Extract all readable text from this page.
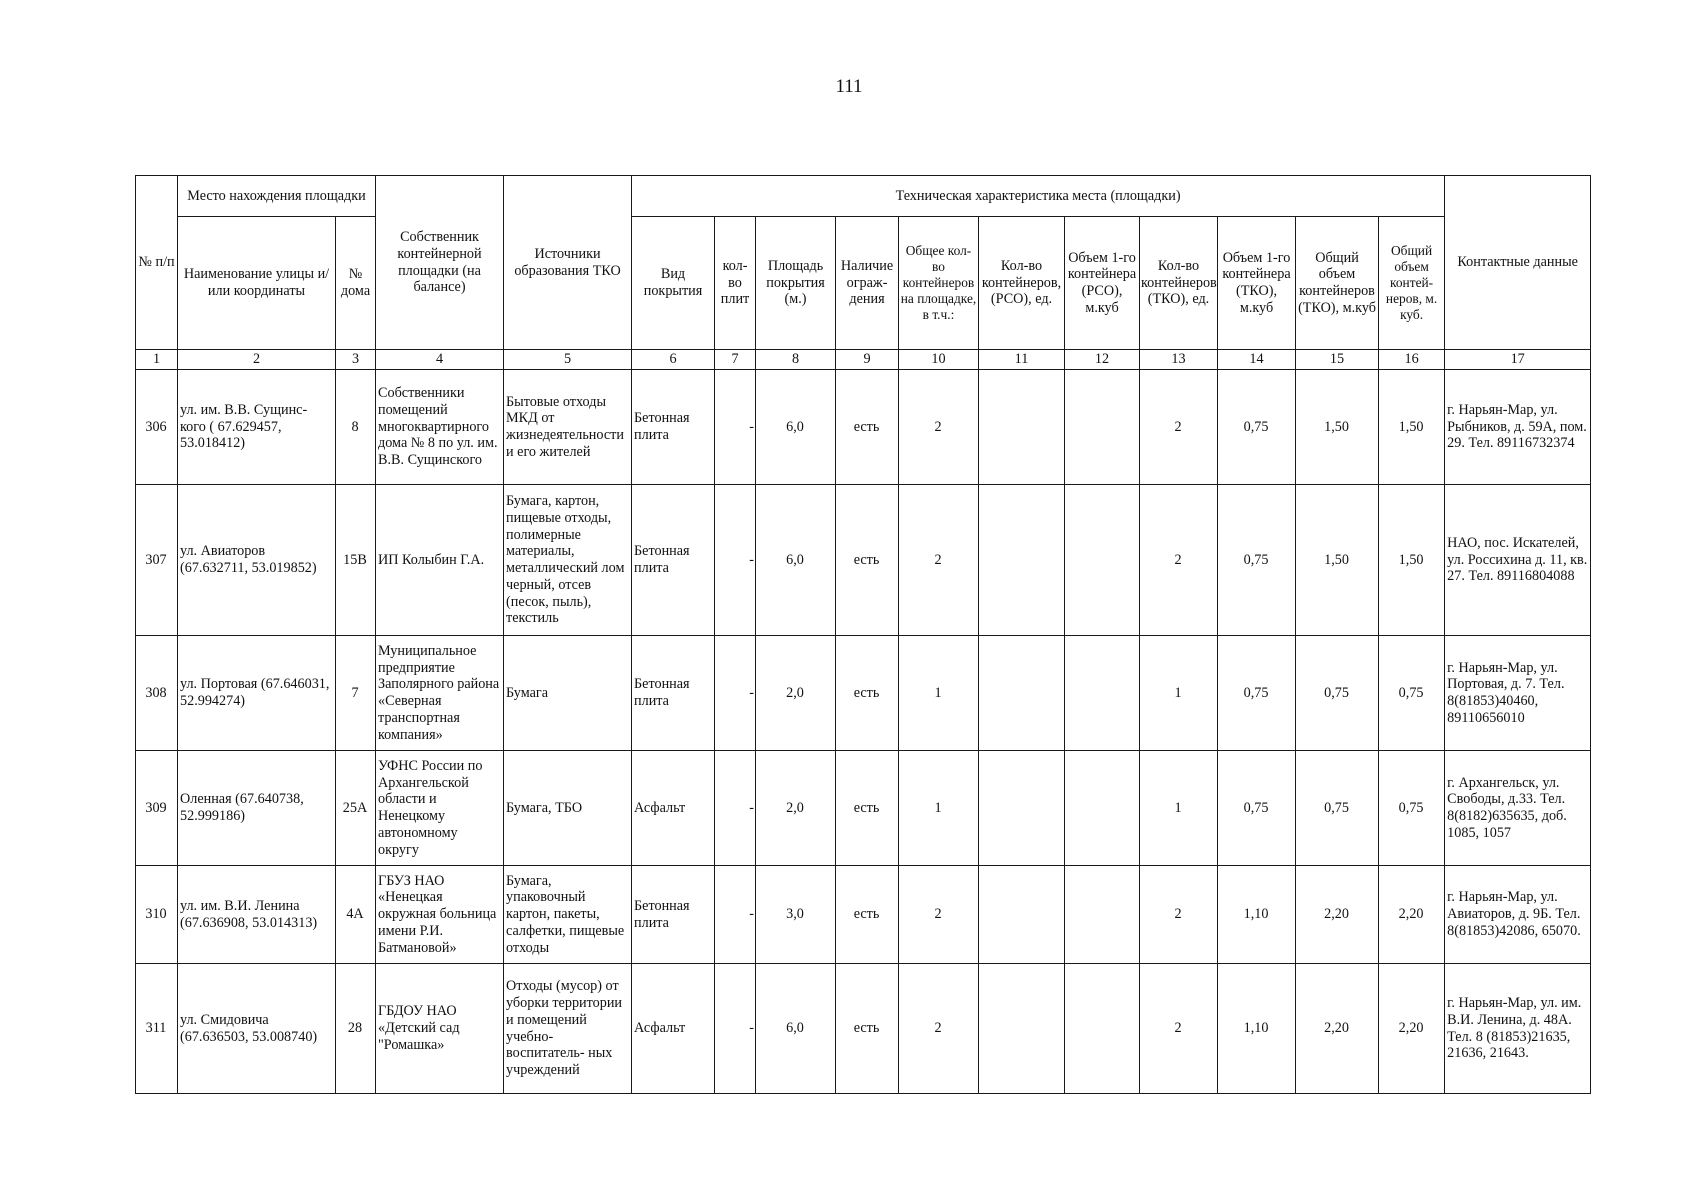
111
№ п/п	Место нахождения площадки		Собственник контейнерной площадки (на балансе)	Источники образования ТКО	Техническая характеристика места (площадки)											Контактные данные
	Наименование улицы и/или координаты	№ дома			Вид покрытия	кол-во плит	Площадь покрытия (м.)	Наличие ограж-дения	Общее кол-во контейнеров на площадке, в т.ч.:	Кол-во контейнеров, (РСО), ед.	Объем 1-го контейнера (РСО), м.куб	Кол-во контейнеров (ТКО), ед.	Объем 1-го контейнера (ТКО), м.куб	Общий объем контейнеров (ТКО), м.куб	Общий объем контей-неров, м. куб.	
1	2	3	4	5	6	7	8	9	10	11	12	13	14	15	16	17
306	ул. им. В.В. Сущинс- кого ( 67.629457, 53.018412)	8	Собственники помещений многоквартирного дома № 8 по ул. им. В.В. Сущинского	Бытовые отходы МКД от жизнедеятельности и его жителей	Бетонная плита	-	6,0	есть	2			2	0,75	1,50	1,50	г. Нарьян-Мар, ул. Рыбников, д. 59А, пом. 29. Тел. 89116732374
307	ул. Авиаторов (67.632711, 53.019852)	15В	ИП Колыбин Г.А.	Бумага, картон, пищевые отходы, полимерные материалы, металлический лом черный, отсев (песок, пыль), текстиль	Бетонная плита	-	6,0	есть	2			2	0,75	1,50	1,50	НАО, пос. Искателей, ул. Россихина д. 11, кв. 27. Тел. 89116804088
308	ул. Портовая (67.646031, 52.994274)	7	Муниципальное предприятие Заполярного района «Северная транспортная компания»	Бумага	Бетонная плита	-	2,0	есть	1			1	0,75	0,75	0,75	г. Нарьян-Мар, ул. Портовая, д. 7. Тел. 8(81853)40460, 89110656010
309	Оленная (67.640738, 52.999186)	25А	УФНС России по Архангельской области и Ненецкому автономному округу	Бумага, ТБО	Асфальт	-	2,0	есть	1			1	0,75	0,75	0,75	г. Архангельск, ул. Свободы, д.33. Тел. 8(8182)635635, доб. 1085, 1057
310	ул. им. В.И. Ленина (67.636908, 53.014313)	4А	ГБУЗ НАО «Ненецкая окружная больница имени Р.И. Батмановой»	Бумага, упаковочный картон, пакеты, салфетки, пищевые отходы	Бетонная плита	-	3,0	есть	2			2	1,10	2,20	2,20	г. Нарьян-Мар, ул. Авиаторов, д. 9Б. Тел. 8(81853)42086, 65070.
311	ул. Смидовича (67.636503, 53.008740)	28	ГБДОУ НАО «Детский сад "Ромашка»	Отходы (мусор) от уборки территории и помещений учебно-воспитатель- ных учреждений	Асфальт	-	6,0	есть	2			2	1,10	2,20	2,20	г. Нарьян-Мар, ул. им. В.И. Ленина, д. 48А. Тел. 8 (81853)21635, 21636, 21643.
